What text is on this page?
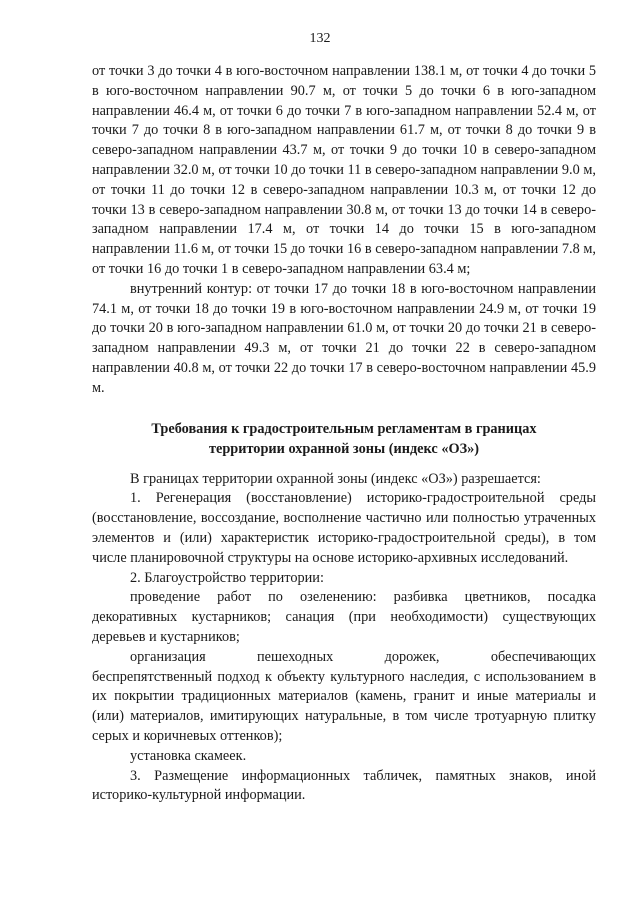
132

от точки 3 до точки 4 в юго-восточном направлении 138.1 м, от точки 4 до точки 5 в юго-восточном направлении 90.7 м, от точки 5 до точки 6 в юго-западном направлении 46.4 м, от точки 6 до точки 7 в юго-западном направлении 52.4 м, от точки 7 до точки 8 в юго-западном направлении 61.7 м, от точки 8 до точки 9 в северо-западном направлении 43.7 м, от точки 9 до точки 10 в северо-западном направлении 32.0 м, от точки 10 до точки 11 в северо-западном направлении 9.0 м, от точки 11 до точки 12 в северо-западном направлении 10.3 м, от точки 12 до точки 13 в северо-западном направлении 30.8 м, от точки 13 до точки 14 в северо-западном направлении 17.4 м, от точки 14 до точки 15 в юго-западном направлении 11.6 м, от точки 15 до точки 16 в северо-западном направлении 7.8 м, от точки 16 до точки 1 в северо-западном направлении 63.4 м;

внутренний контур: от точки 17 до точки 18 в юго-восточном направлении 74.1 м, от точки 18 до точки 19 в юго-восточном направлении 24.9 м, от точки 19 до точки 20 в юго-западном направлении 61.0 м, от точки 20 до точки 21 в северо-западном направлении 49.3 м, от точки 21 до точки 22 в северо-западном направлении 40.8 м, от точки 22 до точки 17 в северо-восточном направлении 45.9 м.

Требования к градостроительным регламентам в границах
территории охранной зоны (индекс «ОЗ»)

В границах территории охранной зоны (индекс «ОЗ») разрешается:

1. Регенерация (восстановление) историко-градостроительной среды (восстановление, воссоздание, восполнение частично или полностью утраченных элементов и (или) характеристик историко-градостроительной среды), в том числе планировочной структуры на основе историко-архивных исследований.

2. Благоустройство территории:

проведение работ по озеленению: разбивка цветников, посадка декоративных кустарников; санация (при необходимости) существующих деревьев и кустарников;

организация пешеходных дорожек, обеспечивающих

беспрепятственный подход к объекту культурного наследия, с использованием в их покрытии традиционных материалов (камень, гранит и иные материалы и (или) материалов, имитирующих натуральные, в том числе тротуарную плитку серых и коричневых оттенков);

установка скамеек.

3. Размещение информационных табличек, памятных знаков, иной историко-культурной информации.
